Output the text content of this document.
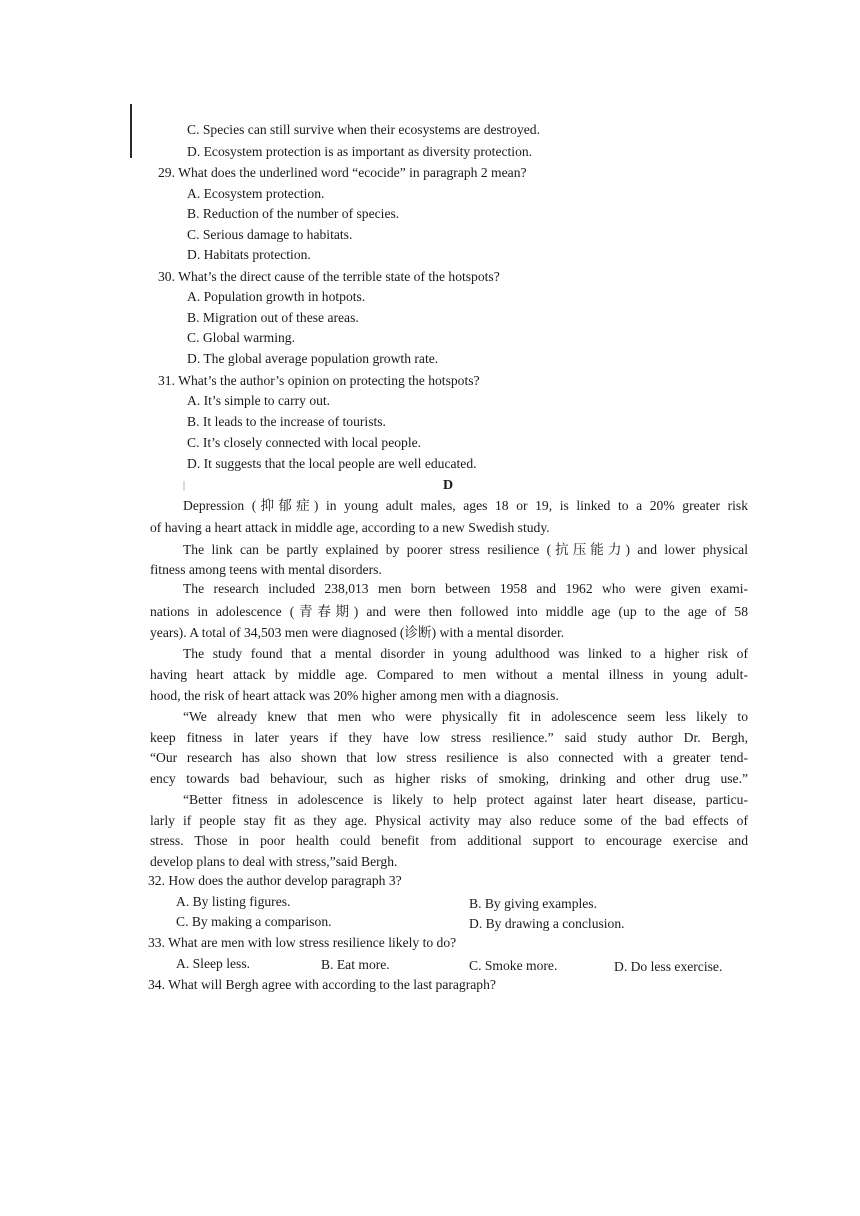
C. Species can still survive when their ecosystems are destroyed.
D. Ecosystem protection is as important as diversity protection.
29. What does the underlined word “ecocide” in paragraph 2 mean?
A. Ecosystem protection.
B. Reduction of the number of species.
C. Serious damage to habitats.
D. Habitats protection.
30. What’s the direct cause of the terrible state of the hotspots?
A. Population growth in hotpots.
B. Migration out of these areas.
C. Global warming.
D. The global average population growth rate.
31. What’s the author’s opinion on protecting the hotspots?
A. It’s simple to carry out.
B. It leads to the increase of tourists.
C. It’s closely connected with local people.
D. It suggests that the local people are well educated.
|	D
Depression (抑郁症) in young adult males, ages 18 or 19, is linked to a 20% greater risk
of having a heart attack in middle age, according to a new Swedish study.
The link can be partly explained by poorer stress resilience (抗压能力) and lower physical
fitness among teens with mental disorders.
The research included 238,013 men born between 1958 and 1962 who were given exami-
nations in adolescence (青春期) and were then followed into middle age (up to the age of 58
years). A total of 34,503 men were diagnosed (诊断) with a mental disorder.
The study found that a mental disorder in young adulthood was linked to a higher risk of
having heart attack by middle age. Compared to men without a mental illness in young adult-
hood, the risk of heart attack was 20% higher among men with a diagnosis.
“We already knew that men who were physically fit in adolescence seem less likely to
keep fitness in later years if they have low stress resilience.” said study author Dr. Bergh,
“Our research has also shown that low stress resilience is also connected with a greater tend-
ency towards bad behaviour, such as higher risks of smoking, drinking and other drug use.”
“Better fitness in adolescence is likely to help protect against later heart disease, particu-
larly if people stay fit as they age. Physical activity may also reduce some of the bad effects of
stress. Those in poor health could benefit from additional support to encourage exercise and
develop plans to deal with stress,”said Bergh.
32. How does the author develop paragraph 3?
A. By listing figures.	B. By giving examples.
C. By making a comparison.	D. By drawing a conclusion.
33. What are men with low stress resilience likely to do?
A. Sleep less.	B. Eat more.	C. Smoke more.	D. Do less exercise.
34. What will Bergh agree with according to the last paragraph?
